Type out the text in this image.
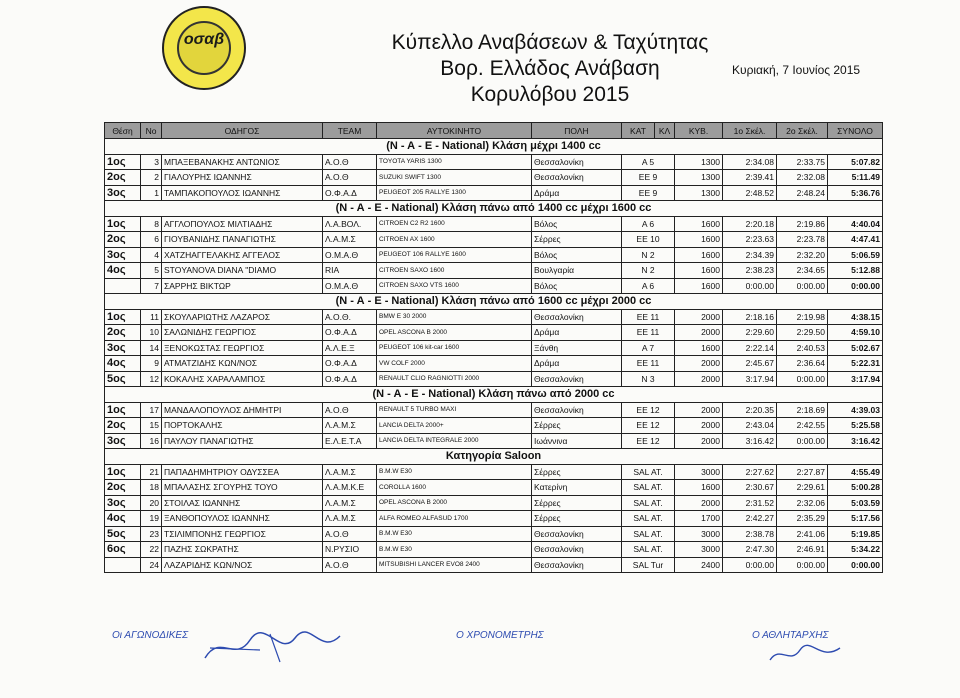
οσαβ	Κύπελλο Αναβάσεων & Ταχύτητας
Βορ. Ελλάδος Ανάβαση
Κορυλόβου 2015
Κυριακή, 7 Ιουνίος 2015
Θέση	Νο	ΟΔΗΓΟΣ	TEAM	ΑΥΤΟΚΙΝΗΤΟ	ΠΟΛΗ	ΚΑΤ	ΚΛ	ΚΥΒ.	1ο Σκέλ.	2ο Σκέλ.	ΣΥΝΟΛΟ
(Ν - Α - Ε - National) Κλάση μέχρι 1400 cc											
1ος	3	ΜΠΑΞΕΒΑΝΑΚΗΣ ΑΝΤΩΝΙΟΣ	Α.Ο.Θ	TOYOTA YARIS 1300	Θεσσαλονίκη	Α 5		1300	2:34.08	2:33.75	5:07.82
2ος	2	ΓΙΑΛΟΥΡΗΣ ΙΩΑΝΝΗΣ	Α.Ο.Θ	SUZUKI SWIFT 1300	Θεσσαλονίκη	ΕΕ 9		1300	2:39.41	2:32.08	5:11.49
3ος	1	ΤΑΜΠΑΚΟΠΟΥΛΟΣ ΙΩΑΝΝΗΣ	Ο.Φ.Α.Δ	PEUGEOT 205 RALLYE 1300	Δράμα	ΕΕ 9		1300	2:48.52	2:48.24	5:36.76
(Ν - Α - Ε - National) Κλάση πάνω από 1400 cc μέχρι 1600 cc											
1ος	8	ΑΓΓΛΟΠΟΥΛΟΣ ΜΙΛΤΙΑΔΗΣ	Λ.Α.ΒΟΛ.	CITROEN C2 R2 1600	Βόλος	Α 6		1600	2:20.18	2:19.86	4:40.04
2ος	6	ΓΙΟΥΒΑΝΙΔΗΣ ΠΑΝΑΓΙΩΤΗΣ	Λ.Α.Μ.Σ	CITROEN AX 1600	Σέρρες	ΕΕ 10		1600	2:23.63	2:23.78	4:47.41
3ος	4	ΧΑΤΖΗΑΓΓΕΛΑΚΗΣ ΑΓΓΕΛΟΣ	Ο.Μ.Α.Θ	PEUGEOT 106 RALLYE 1600	Βόλος	Ν 2		1600	2:34.39	2:32.20	5:06.59
4ος	5	STOYANOVA DIANA "DIAMO	RIA	CITROEN SAXO 1600	Βουλγαρία	Ν 2		1600	2:38.23	2:34.65	5:12.88
	7	ΣΑΡΡΗΣ ΒΙΚΤΩΡ	Ο.Μ.Α.Θ	CITROEN SAXO VTS 1600	Βόλος	Α 6		1600	0:00.00	0:00.00	0:00.00
(Ν - Α - Ε - National) Κλάση πάνω από 1600 cc μέχρι 2000 cc											
1ος	11	ΣΚΟΥΛΑΡΙΩΤΗΣ ΛΑΖΑΡΟΣ	Α.Ο.Θ.	BMW E 30 2000	Θεσσαλονίκη	ΕΕ 11		2000	2:18.16	2:19.98	4:38.15
2ος	10	ΣΑΛΩΝΙΔΗΣ ΓΕΩΡΓΙΟΣ	Ο.Φ.Α.Δ	OPEL ASCONA B 2000	Δράμα	ΕΕ 11		2000	2:29.60	2:29.50	4:59.10
3ος	14	ΞΕΝΟΚΩΣΤΑΣ ΓΕΩΡΓΙΟΣ	Α.Λ.Ε.Ξ	PEUGEOT 106 kit-car 1600	Ξάνθη	Α 7		1600	2:22.14	2:40.53	5:02.67
4ος	9	ΑΤΜΑΤΖΙΔΗΣ ΚΩΝ/ΝΟΣ	Ο.Φ.Α.Δ	VW COLF 2000	Δράμα	ΕΕ 11		2000	2:45.67	2:36.64	5:22.31
5ος	12	ΚΟΚΑΛΗΣ ΧΑΡΑΛΑΜΠΟΣ	Ο.Φ.Α.Δ	RENAULT CLIO RAGNIOTTI 2000	Θεσσαλονίκη	Ν 3		2000	3:17.94	0:00.00	3:17.94
(Ν - Α - Ε - National) Κλάση πάνω από 2000 cc											
1ος	17	ΜΑΝΔΑΛΟΠΟΥΛΟΣ ΔΗΜΗΤΡΙ	Α.Ο.Θ	RENAULT 5 TURBO MAXI	Θεσσαλονίκη	ΕΕ 12		2000	2:20.35	2:18.69	4:39.03
2ος	15	ΠΟΡΤΟΚΑΛΗΣ	Λ.Α.Μ.Σ	LANCIA DELTA 2000+	Σέρρες	ΕΕ 12		2000	2:43.04	2:42.55	5:25.58
3ος	16	ΠΑΥΛΟΥ ΠΑΝΑΓΙΩΤΗΣ	Ε.Λ.Ε.Τ.Α	LANCIA DELTA INTEGRALE 2000	Ιωάννινα	ΕΕ 12		2000	3:16.42	0:00.00	3:16.42
Κατηγορία Saloon											
1ος	21	ΠΑΠΑΔΗΜΗΤΡΙΟΥ ΟΔΥΣΣΕΑ	Λ.Α.Μ.Σ	B.M.W E30	Σέρρες	SAL AT.		3000	2:27.62	2:27.87	4:55.49
2ος	18	ΜΠΑΛΑΣΗΣ ΣΓΟΥΡΗΣ ΤΟΥΟ	Λ.Α.Μ.Κ.Ε	COROLLA 1600	Κατερίνη	SAL AT.		1600	2:30.67	2:29.61	5:00.28
3ος	20	ΣΤΟΙΛΑΣ ΙΩΑΝΝΗΣ	Λ.Α.Μ.Σ	OPEL ASCONA B 2000	Σέρρες	SAL AT.		2000	2:31.52	2:32.06	5:03.59
4ος	19	ΞΑΝΘΟΠΟΥΛΟΣ ΙΩΑΝΝΗΣ	Λ.Α.Μ.Σ	ALFA ROMEO ALFASUD 1700	Σέρρες	SAL AT.		1700	2:42.27	2:35.29	5:17.56
5ος	23	ΤΣΙΛΙΜΠΟΝΗΣ ΓΕΩΡΓΙΟΣ	Α.Ο.Θ	B.M.W E30	Θεσσαλονίκη	SAL AT.		3000	2:38.78	2:41.06	5:19.85
6ος	22	ΠΑΖΗΣ ΣΩΚΡΑΤΗΣ	Ν.ΡΥΣΙΟ	B.M.W E30	Θεσσαλονίκη	SAL AT.		3000	2:47.30	2:46.91	5:34.22
	24	ΛΑΖΑΡΙΔΗΣ ΚΩΝ/ΝΟΣ	Α.Ο.Θ	MITSUBISHI LANCER EVO8 2400	Θεσσαλονίκη	SAL Tur		2400	0:00.00	0:00.00	0:00.00
Οι ΑΓΩΝΟΔΙΚΕΣ	Ο ΧΡΟΝΟΜΕΤΡΗΣ	Ο ΑΘΛΗΤΑΡΧΗΣ
